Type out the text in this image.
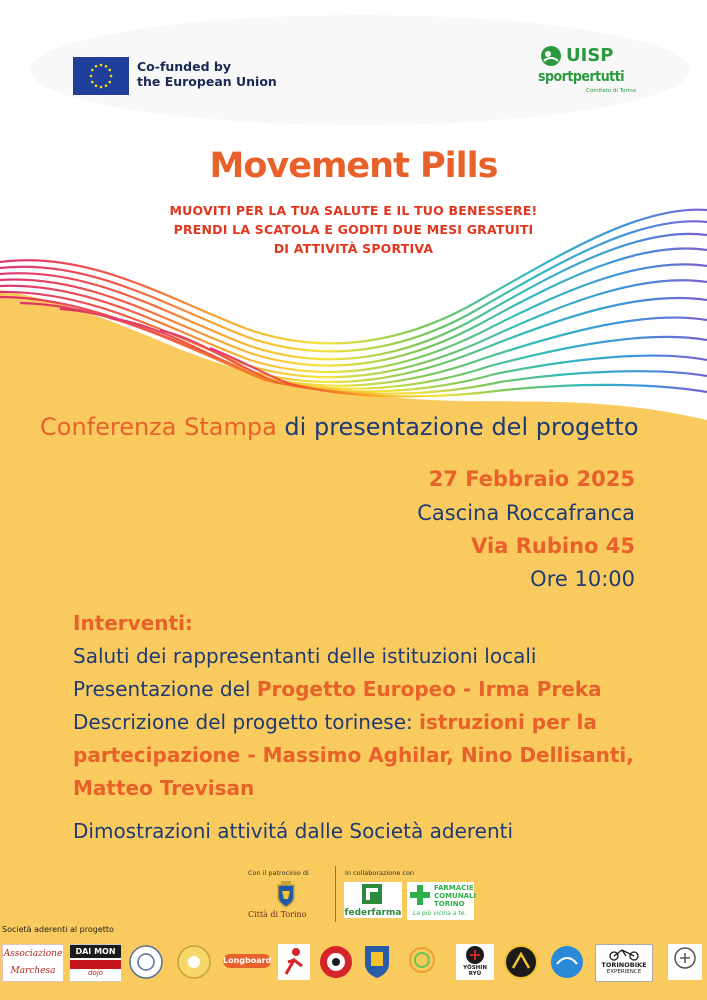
Co-funded by
the European Union
UISP
sportpertutti
Comitato di Torino
Movement Pills
MUOVITI PER LA TUA SALUTE E IL TUO BENESSERE!
PRENDI LA SCATOLA E GODITI DUE MESI GRATUITI
DI ATTIVITÀ SPORTIVA
Conferenza Stampa di presentazione del progetto
27 Febbraio 2025
Cascina Roccafranca
Via Rubino 45
Ore 10:00
Interventi:
Saluti dei rappresentanti delle istituzioni locali
Presentazione del Progetto Europeo - Irma Preka
Descrizione del progetto torinese: istruzioni per la
partecipazione - Massimo Aghilar, Nino Dellisanti,
Matteo Trevisan
Dimostrazioni attivitá dalle Società aderenti
Con il patrocinio di	In collaborazione con
Città di Torino	federfarma
FARMACIE
COMUNALI
TORINO
La più vicina a te.
Società aderenti al progetto
Associazione Marchesa
DAI MON
dojo
Longboard
YŌSHIN RYŪ
TORINOBIKE
EXPERIENCE
